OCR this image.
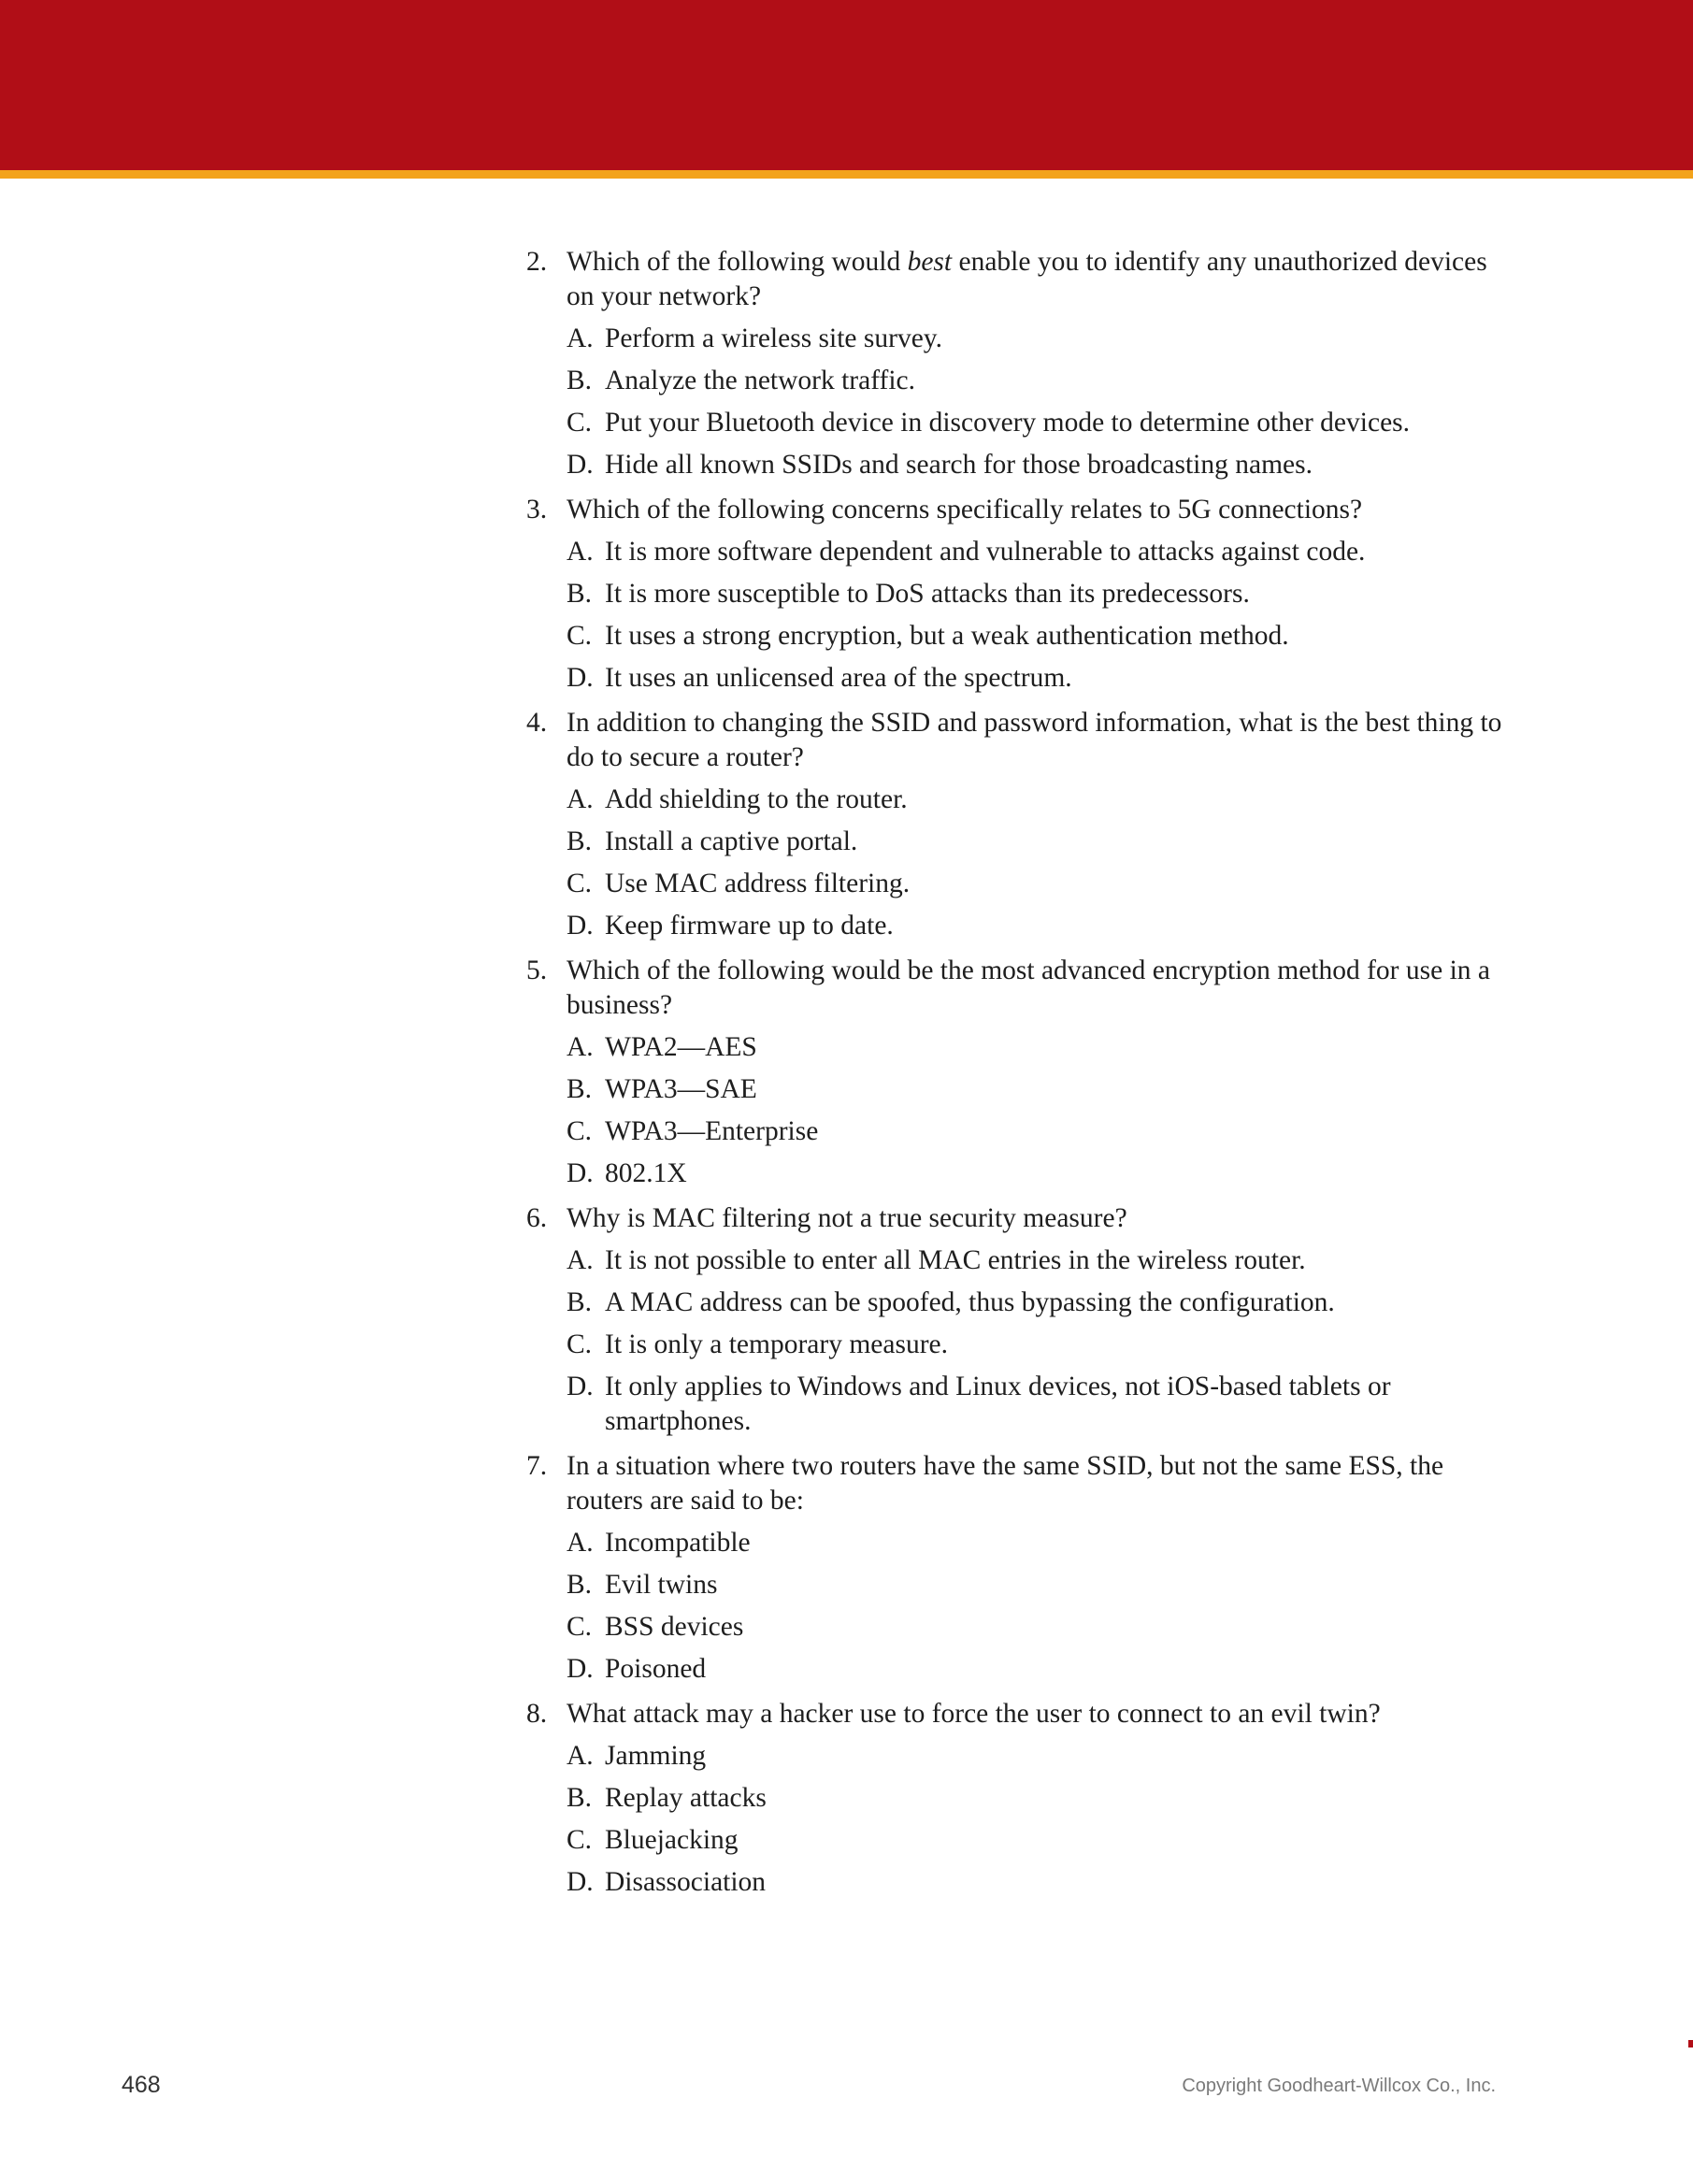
2. Which of the following would best enable you to identify any unauthorized devices on your network?
A. Perform a wireless site survey.
B. Analyze the network traffic.
C. Put your Bluetooth device in discovery mode to determine other devices.
D. Hide all known SSIDs and search for those broadcasting names.
3. Which of the following concerns specifically relates to 5G connections?
A. It is more software dependent and vulnerable to attacks against code.
B. It is more susceptible to DoS attacks than its predecessors.
C. It uses a strong encryption, but a weak authentication method.
D. It uses an unlicensed area of the spectrum.
4. In addition to changing the SSID and password information, what is the best thing to do to secure a router?
A. Add shielding to the router.
B. Install a captive portal.
C. Use MAC address filtering.
D. Keep firmware up to date.
5. Which of the following would be the most advanced encryption method for use in a business?
A. WPA2—AES
B. WPA3—SAE
C. WPA3—Enterprise
D. 802.1X
6. Why is MAC filtering not a true security measure?
A. It is not possible to enter all MAC entries in the wireless router.
B. A MAC address can be spoofed, thus bypassing the configuration.
C. It is only a temporary measure.
D. It only applies to Windows and Linux devices, not iOS-based tablets or smartphones.
7. In a situation where two routers have the same SSID, but not the same ESS, the routers are said to be:
A. Incompatible
B. Evil twins
C. BSS devices
D. Poisoned
8. What attack may a hacker use to force the user to connect to an evil twin?
A. Jamming
B. Replay attacks
C. Bluejacking
D. Disassociation
468	Copyright Goodheart-Willcox Co., Inc.
